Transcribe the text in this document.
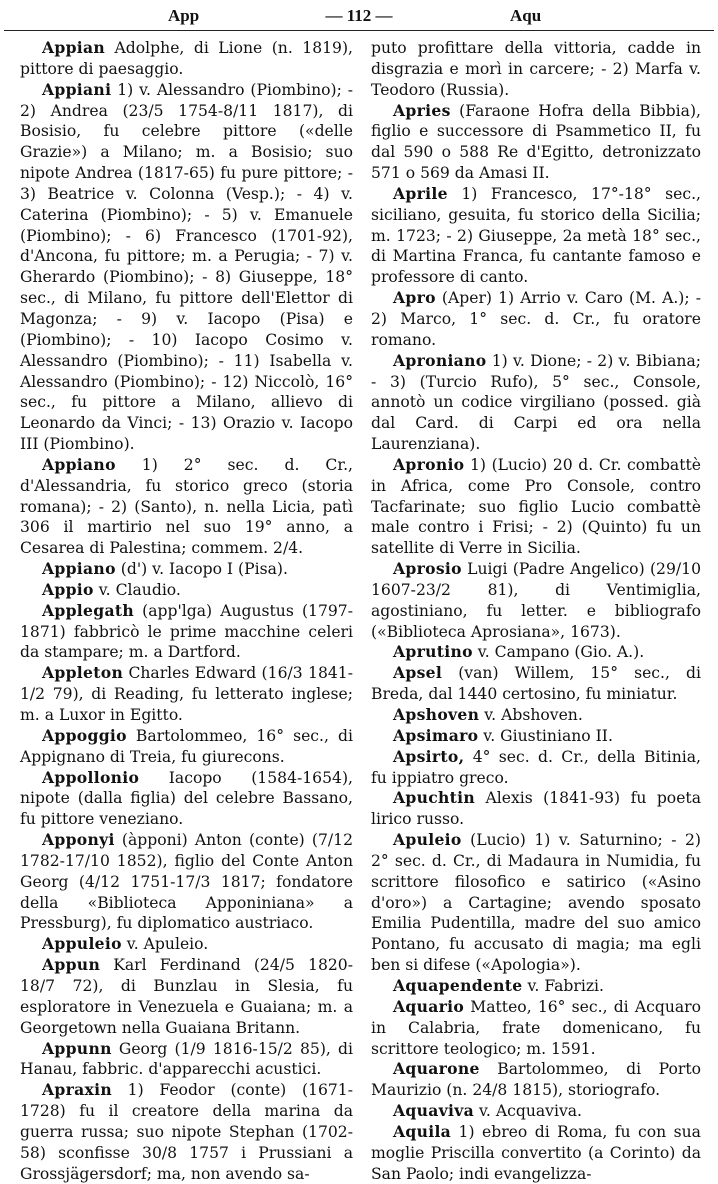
App	— 112 —	Aqu

Appian Adolphe, di Lione (n. 1819), pittore di paesaggio.

Appiani 1) v. Alessandro (Piombino); - 2) Andrea (23/5 1754-8/11 1817), di Bosisio, fu celebre pittore («delle Grazie») a Milano; m. a Bosisio; suo nipote Andrea (1817-65) fu pure pittore; - 3) Beatrice v. Colonna (Vesp.); - 4) v. Caterina (Piombino); - 5) v. Emanuele (Piombino); - 6) Francesco (1701-92), d'Ancona, fu pittore; m. a Perugia; - 7) v. Gherardo (Piombino); - 8) Giuseppe, 18° sec., di Milano, fu pittore dell'Elettor di Magonza; - 9) v. Iacopo (Pisa) e (Piombino); - 10) Iacopo Cosimo v. Alessandro (Piombino); - 11) Isabella v. Alessandro (Piombino); - 12) Niccolò, 16° sec., fu pittore a Milano, allievo di Leonardo da Vinci; - 13) Orazio v. Iacopo III (Piombino).

Appiano 1) 2° sec. d. Cr., d'Alessandria, fu storico greco (storia romana); - 2) (Santo), n. nella Licia, patì 306 il martirio nel suo 19° anno, a Cesarea di Palestina; commem. 2/4.

Appiano (d') v. Iacopo I (Pisa).

Appio v. Claudio.

Applegath (app'lga) Augustus (1797-1871) fabbricò le prime macchine celeri da stampare; m. a Dartford.

Appleton Charles Edward (16/3 1841-1/2 79), di Reading, fu letterato inglese; m. a Luxor in Egitto.

Appoggio Bartolommeo, 16° sec., di Appignano di Treia, fu giurecons.

Appollonio Iacopo (1584-1654), nipote (dalla figlia) del celebre Bassano, fu pittore veneziano.

Apponyi (àpponi) Anton (conte) (7/12 1782-17/10 1852), figlio del Conte Anton Georg (4/12 1751-17/3 1817; fondatore della «Biblioteca Apponiniana» a Pressburg), fu diplomatico austriaco.

Appuleio v. Apuleio.

Appun Karl Ferdinand (24/5 1820-18/7 72), di Bunzlau in Slesia, fu esploratore in Venezuela e Guaiana; m. a Georgetown nella Guaiana Britann.

Appunn Georg (1/9 1816-15/2 85), di Hanau, fabbric. d'apparecchi acustici.

Apraxin 1) Feodor (conte) (1671-1728) fu il creatore della marina da guerra russa; suo nipote Stephan (1702-58) sconfisse 30/8 1757 i Prussiani a Grossjägersdorf; ma, non avendo sa-

puto profittare della vittoria, cadde in disgrazia e morì in carcere; - 2) Marfa v. Teodoro (Russia).

Apries (Faraone Hofra della Bibbia), figlio e successore di Psammetico II, fu dal 590 o 588 Re d'Egitto, detronizzato 571 o 569 da Amasi II.

Aprile 1) Francesco, 17°-18° sec., siciliano, gesuita, fu storico della Sicilia; m. 1723; - 2) Giuseppe, 2a metà 18° sec., di Martina Franca, fu cantante famoso e professore di canto.

Apro (Aper) 1) Arrio v. Caro (M. A.); - 2) Marco, 1° sec. d. Cr., fu oratore romano.

Aproniano 1) v. Dione; - 2) v. Bibiana; - 3) (Turcio Rufo), 5° sec., Console, annotò un codice virgiliano (possed. già dal Card. di Carpi ed ora nella Laurenziana).

Apronio 1) (Lucio) 20 d. Cr. combattè in Africa, come Pro Console, contro Tacfarinate; suo figlio Lucio combattè male contro i Frisi; - 2) (Quinto) fu un satellite di Verre in Sicilia.

Aprosio Luigi (Padre Angelico) (29/10 1607-23/2 81), di Ventimiglia, agostiniano, fu letter. e bibliografo («Biblioteca Aprosiana», 1673).

Aprutino v. Campano (Gio. A.).

Apsel (van) Willem, 15° sec., di Breda, dal 1440 certosino, fu miniatur.

Apshoven v. Abshoven.

Apsimaro v. Giustiniano II.

Apsirto, 4° sec. d. Cr., della Bitinia, fu ippiatro greco.

Apuchtin Alexis (1841-93) fu poeta lirico russo.

Apuleio (Lucio) 1) v. Saturnino; - 2) 2° sec. d. Cr., di Madaura in Numidia, fu scrittore filosofico e satirico («Asino d'oro») a Cartagine; avendo sposato Emilia Pudentilla, madre del suo amico Pontano, fu accusato di magia; ma egli ben si difese («Apologia»).

Aquapendente v. Fabrizi.

Aquario Matteo, 16° sec., di Acquaro in Calabria, frate domenicano, fu scrittore teologico; m. 1591.

Aquarone Bartolommeo, di Porto Maurizio (n. 24/8 1815), storiografo.

Aquaviva v. Acquaviva.

Aquila 1) ebreo di Roma, fu con sua moglie Priscilla convertito (a Corinto) da San Paolo; indi evangelizza-
